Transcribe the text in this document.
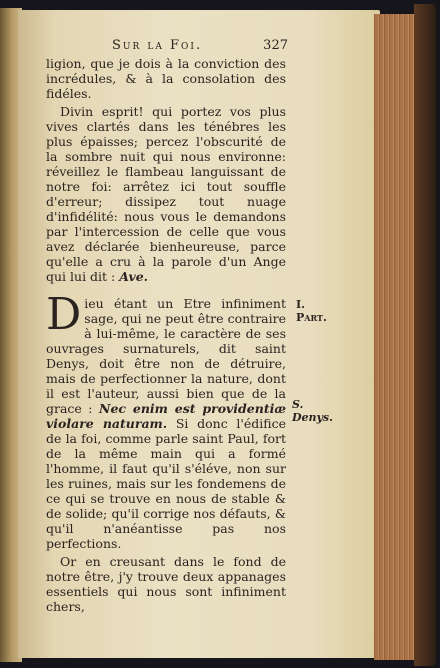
Sur la Foi.	327

ligion, que je dois à la conviction des incrédules, & à la consolation des fidéles.

Divin esprit! qui portez vos plus vives clartés dans les ténébres les plus épaisses; percez l'obscurité de la sombre nuit qui nous environne: réveillez le flambeau languissant de notre foi: arrêtez ici tout souffle d'erreur; dissipez tout nuage d'infidélité: nous vous le demandons par l'intercession de celle que vous avez déclarée bienheureuse, parce qu'elle a cru à la parole d'un Ange qui lui dit : Ave.

Dieu étant un Etre infiniment sage, qui ne peut être contraire à lui-même, le caractère de ses ouvrages surnaturels, dit saint Denys, doit être non de détruire, mais de perfectionner la nature, dont il est l'auteur, aussi bien que de la grace : Nec enim est providentiæ violare naturam. Si donc l'édifice de la foi, comme parle saint Paul, fort de la même main qui a formé l'homme, il faut qu'il s'éléve, non sur les ruines, mais sur les fondemens de ce qui se trouve en nous de stable & de solide; qu'il corrige nos défauts, & qu'il n'anéantisse pas nos perfections.

Or en creusant dans le fond de notre être, j'y trouve deux appanages essentiels qui nous sont infiniment chers,

I. Part.
S. Denys.
